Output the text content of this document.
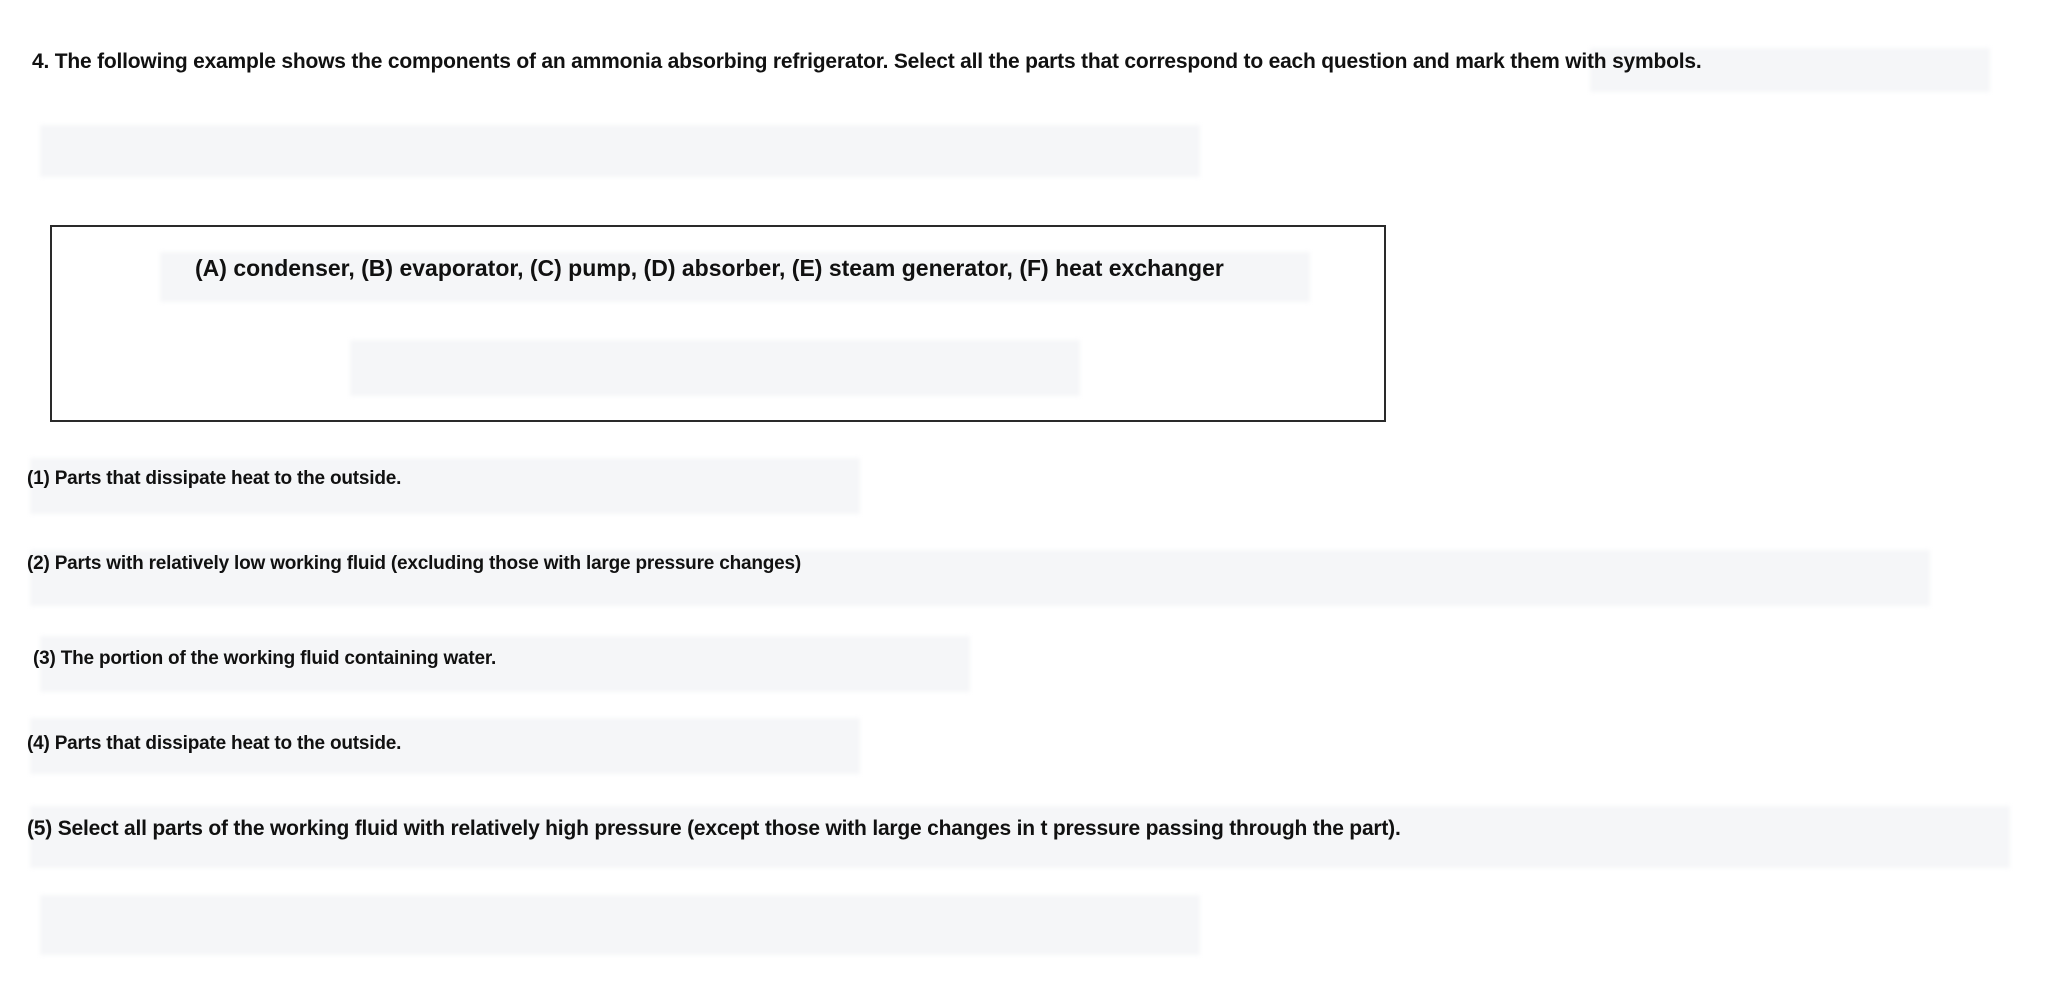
4. The following example shows the components of an ammonia absorbing refrigerator. Select all the parts that correspond to each question and mark them with symbols.
(A) condenser, (B) evaporator, (C) pump, (D) absorber, (E) steam generator, (F) heat exchanger
(1) Parts that dissipate heat to the outside.
(2) Parts with relatively low working fluid (excluding those with large pressure changes)
(3) The portion of the working fluid containing water.
(4) Parts that dissipate heat to the outside.
(5) Select all parts of the working fluid with relatively high pressure (except those with large changes in t pressure passing through the part).
